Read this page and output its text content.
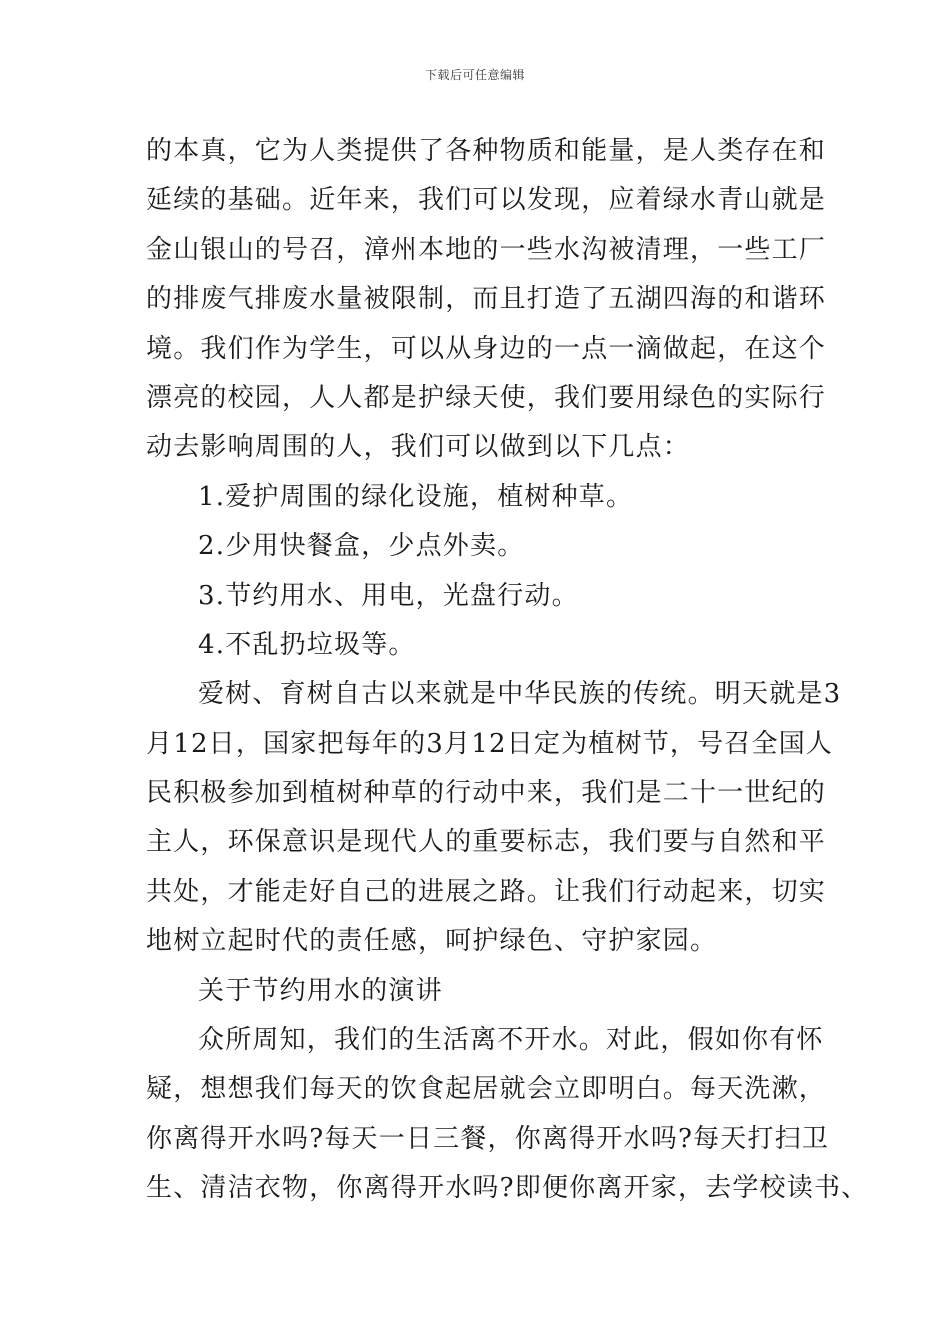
下载后可任意编辑
的本真，它为人类提供了各种物质和能量，是人类存在和
延续的基础。近年来，我们可以发现，应着绿水青山就是
金山银山的号召，漳州本地的一些水沟被清理，一些工厂
的排废气排废水量被限制，而且打造了五湖四海的和谐环
境。我们作为学生，可以从身边的一点一滴做起，在这个
漂亮的校园，人人都是护绿天使，我们要用绿色的实际行
动去影响周围的人，我们可以做到以下几点：
1.爱护周围的绿化设施，植树种草。
2.少用快餐盒，少点外卖。
3.节约用水、用电，光盘行动。
4.不乱扔垃圾等。
爱树、育树自古以来就是中华民族的传统。明天就是3
月12日，国家把每年的3月12日定为植树节，号召全国人
民积极参加到植树种草的行动中来，我们是二十一世纪的
主人，环保意识是现代人的重要标志，我们要与自然和平
共处，才能走好自己的进展之路。让我们行动起来，切实
地树立起时代的责任感，呵护绿色、守护家园。
关于节约用水的演讲
众所周知，我们的生活离不开水。对此，假如你有怀
疑，想想我们每天的饮食起居就会立即明白。每天洗漱，
你离得开水吗?每天一日三餐，你离得开水吗?每天打扫卫
生、清洁衣物，你离得开水吗?即便你离开家，去学校读书、
